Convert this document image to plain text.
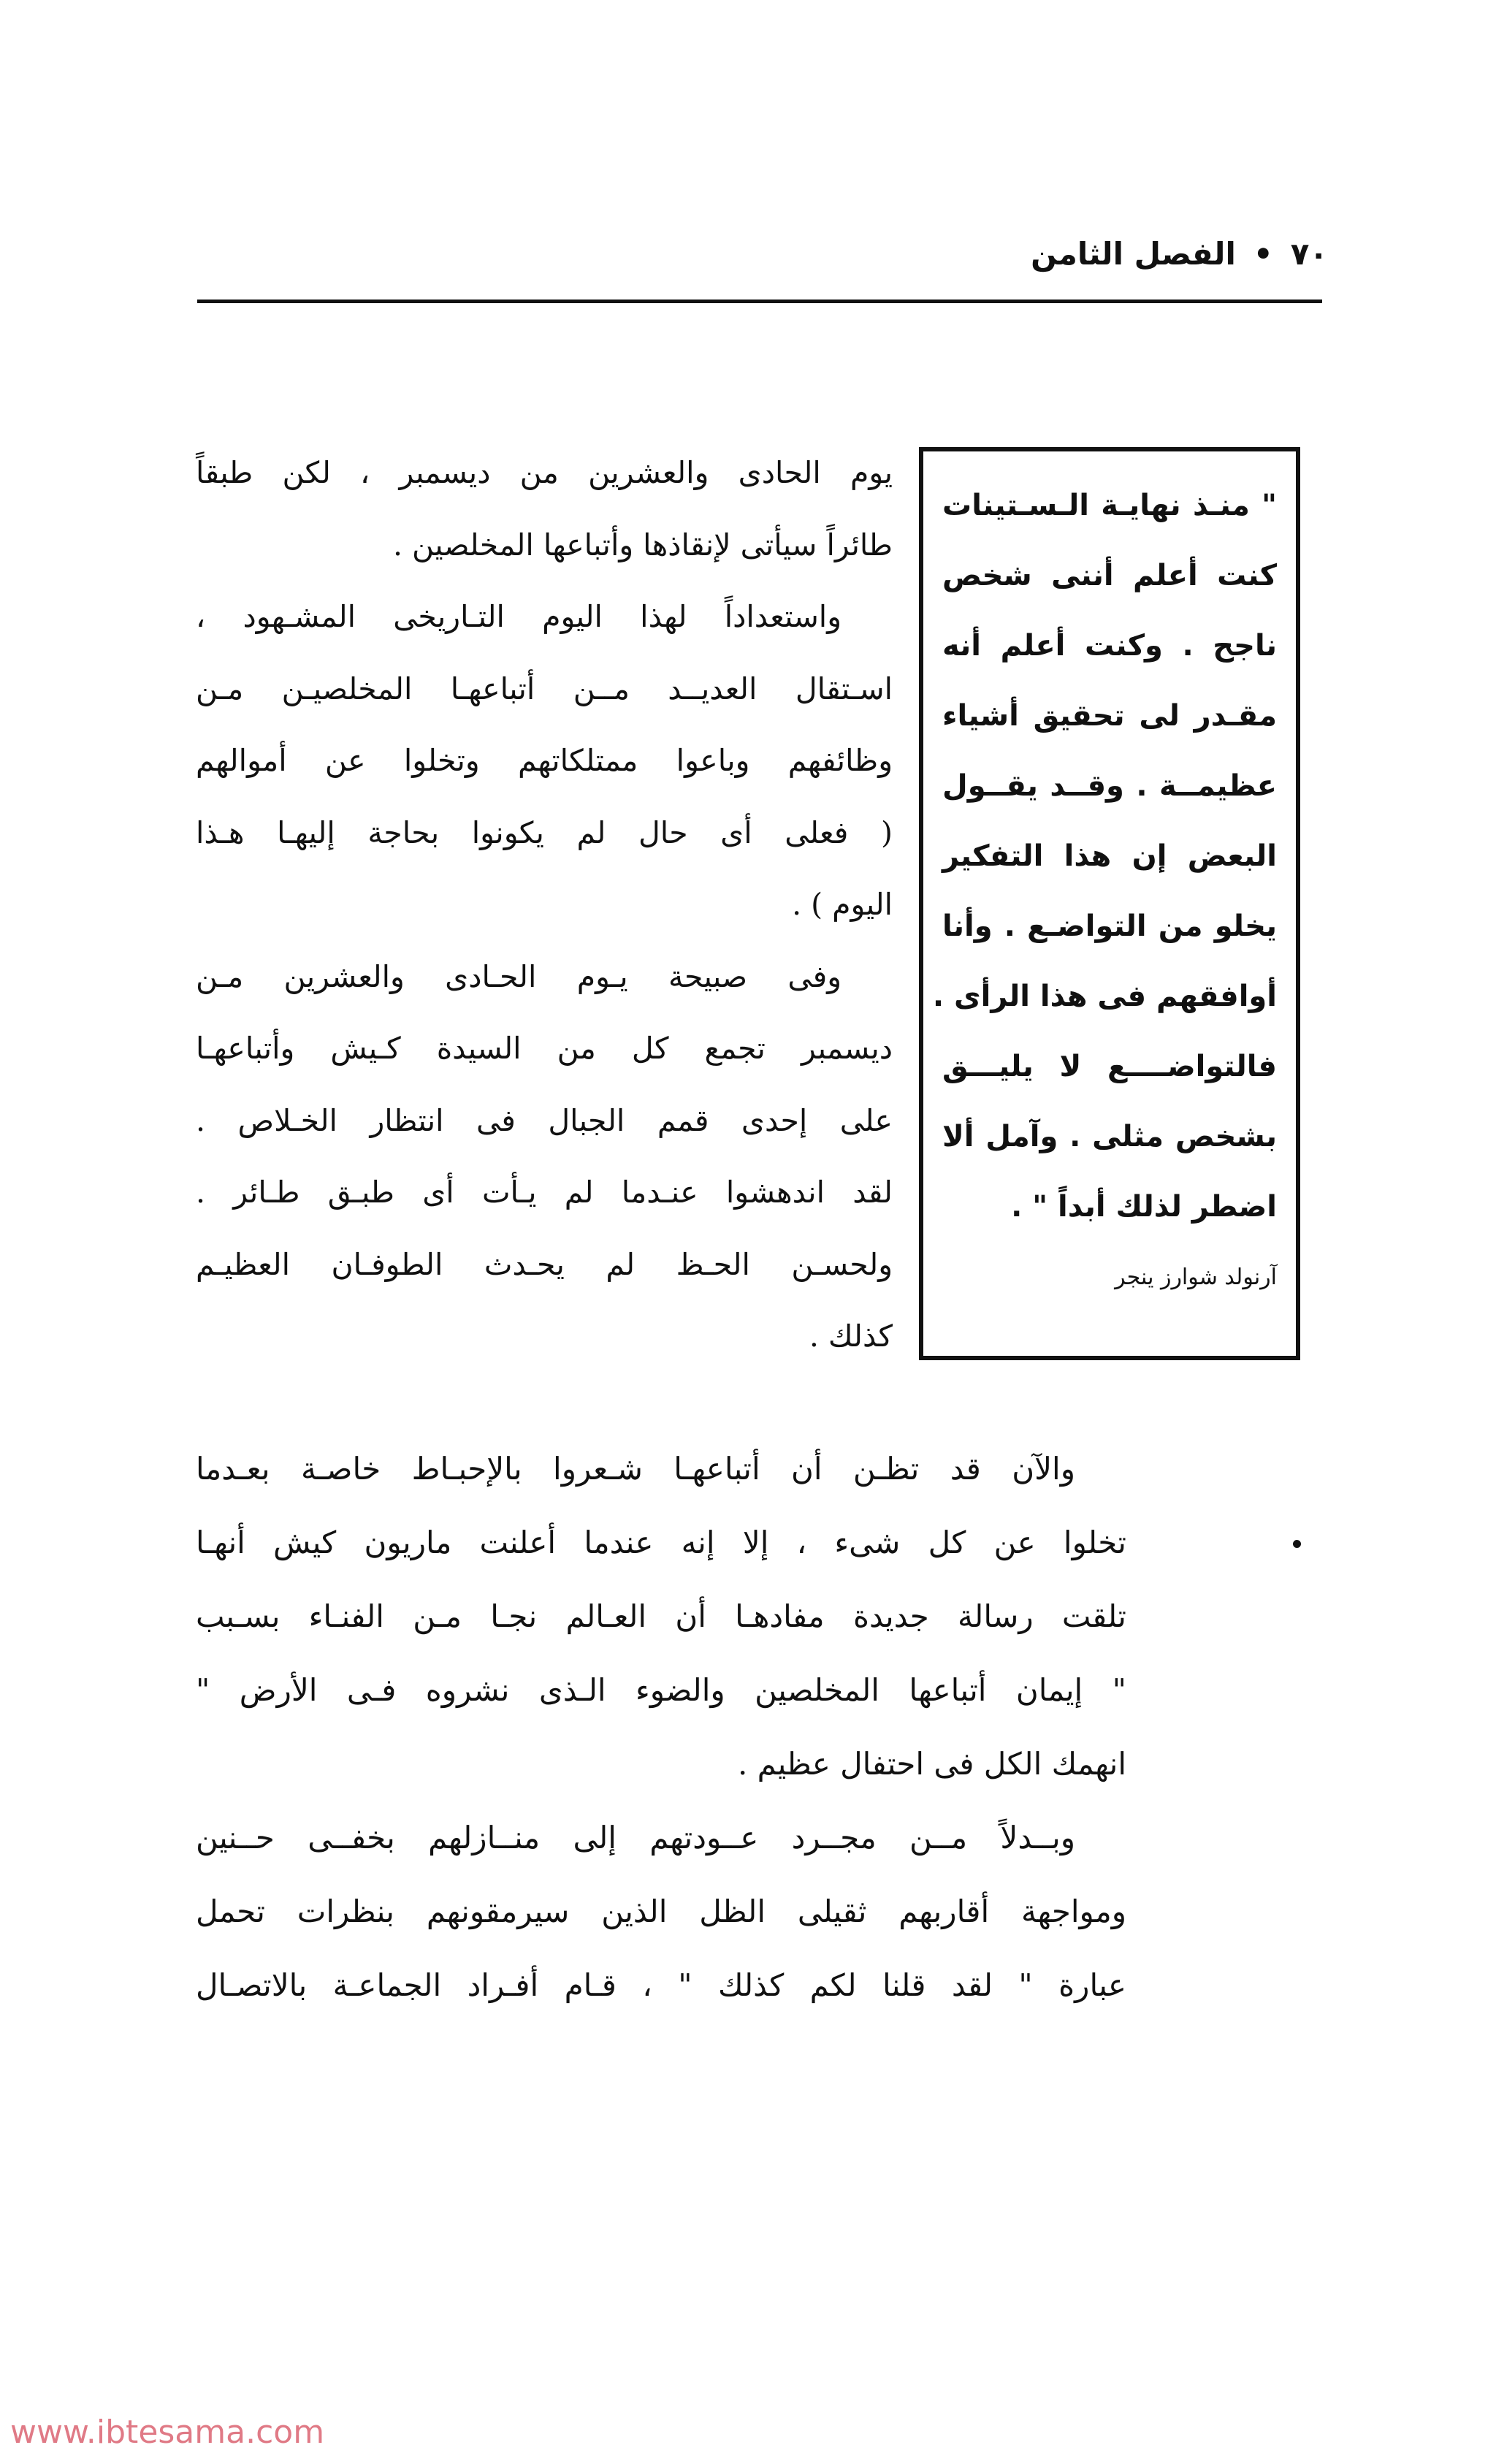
٧٠•الفصل الثامن
" منـذ نهايـة الـسـتينات
كنت أعلم أننى شخص
ناجح . وكنت أعلم أنه
مقـدر لى تحقيق أشياء
عظيمــة . وقــد يقــول
البعض إن هذا التفكير
يخلو من التواضـع . وأنا
أوافقهم فى هذا الرأى .
فالتواضــــع لا يليـــق
بشخص مثلى . وآمل ألا
اضطر لذلك أبداً " .
آرنولد شوارز ينجر
يوم الحادى والعشرين من ديسمبر ، لكن طبقاً
طائراً سيأتى لإنقاذها وأتباعها المخلصين .
واستعداداً لهذا اليوم التـاريخى المشـهود ،
اسـتقال العديــد مــن أتباعهـا المخلصيـن مـن
وظائفهم وباعوا ممتلكاتهم وتخلوا عن أموالهم
( فعلى أى حال لم يكونوا بحاجة إليهـا هـذا
اليوم ) .
وفى صبيحة يـوم الحـادى والعشرين مـن
ديسمبر تجمع كل من السيدة كـيش وأتباعهـا
على إحدى قمم الجبال فى انتظار الخـلاص .
لقد اندهشوا عنـدما لم يـأت أى طبـق طـائر .
ولحسـن الحـظ لم يحـدث الطوفـان العظيـم
كذلك .
والآن قد تظـن أن أتباعهـا شـعروا بالإحبـاط خاصـة بعـدما
تخلوا عن كل شىء ، إلا إنه عندما أعلنت ماريون كيش أنهـا
تلقت رسالة جديدة مفادهـا أن العـالم نجـا مـن الفنـاء بسـبب
" إيمان أتباعها المخلصين والضوء الـذى نشروه فـى الأرض "
انهمك الكل فى احتفال عظيم .
وبــدلاً مــن مجــرد عــودتهم إلى منــازلهم بخفــى حــنين
ومواجهة أقاربهم ثقيلى الظل الذين سيرمقونهم بنظرات تحمل
عبارة " لقد قلنا لكم كذلك " ، قـام أفـراد الجماعـة بالاتصـال
www.ibtesama.com
